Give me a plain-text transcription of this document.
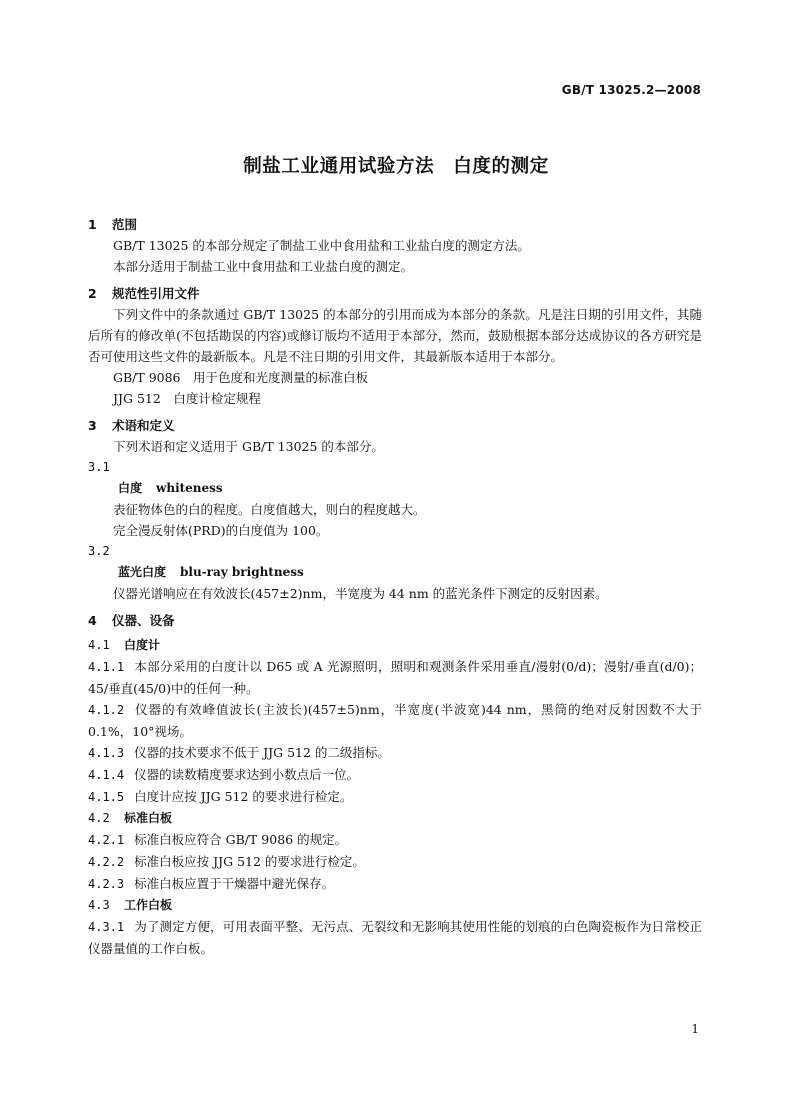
GB/T 13025.2—2008
制盐工业通用试验方法　白度的测定
1 范围

GB/T 13025 的本部分规定了制盐工业中食用盐和工业盐白度的测定方法。

本部分适用于制盐工业中食用盐和工业盐白度的测定。

2 规范性引用文件

下列文件中的条款通过 GB/T 13025 的本部分的引用而成为本部分的条款。凡是注日期的引用文件，其随后所有的修改单(不包括勘误的内容)或修订版均不适用于本部分，然而，鼓励根据本部分达成协议的各方研究是否可使用这些文件的最新版本。凡是不注日期的引用文件，其最新版本适用于本部分。

GB/T 9086　用于色度和光度测量的标准白板

JJG 512　白度计检定规程

3 术语和定义

下列术语和定义适用于 GB/T 13025 的本部分。

3.1

白度 whiteness

表征物体色的白的程度。白度值越大，则白的程度越大。

完全漫反射体(PRD)的白度值为 100。

3.2

蓝光白度 blu-ray brightness

仪器光谱响应在有效波长(457±2)nm，半宽度为 44 nm 的蓝光条件下测定的反射因素。

4 仪器、设备
4.1 白度计

4.1.1 本部分采用的白度计以 D65 或 A 光源照明，照明和观测条件采用垂直/漫射(0/d)；漫射/垂直(d/0)；45/垂直(45/0)中的任何一种。

4.1.2 仪器的有效峰值波长(主波长)(457±5)nm，半宽度(半波宽)44 nm，黑筒的绝对反射因数不大于 0.1%，10°视场。

4.1.3 仪器的技术要求不低于 JJG 512 的二级指标。

4.1.4 仪器的读数精度要求达到小数点后一位。

4.1.5 白度计应按 JJG 512 的要求进行检定。

4.2 标准白板

4.2.1 标准白板应符合 GB/T 9086 的规定。

4.2.2 标准白板应按 JJG 512 的要求进行检定。

4.2.3 标准白板应置于干燥器中避光保存。

4.3 工作白板

4.3.1 为了测定方便，可用表面平整、无污点、无裂纹和无影响其使用性能的划痕的白色陶瓷板作为日常校正仪器量值的工作白板。

1
